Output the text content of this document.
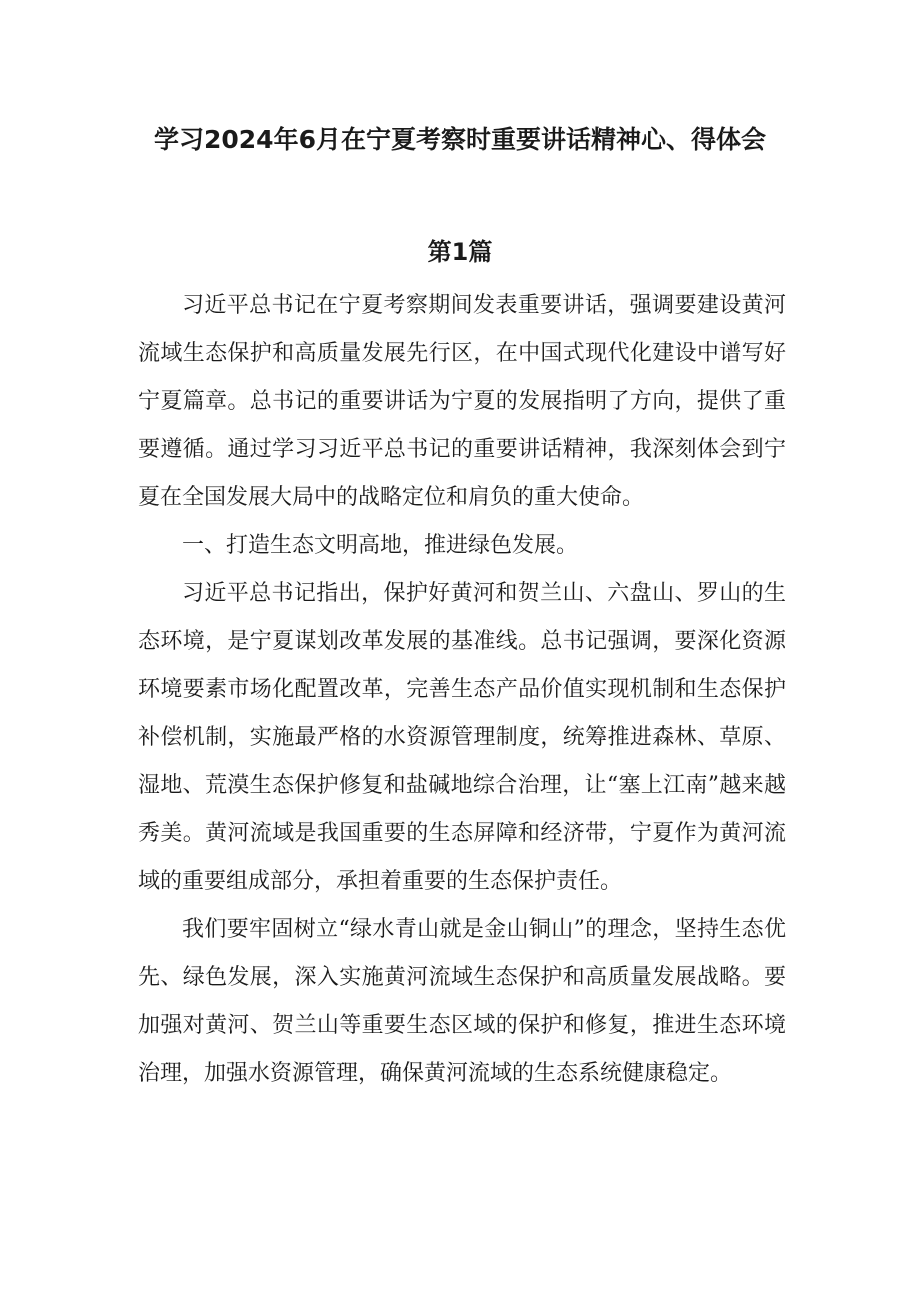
学习2024年6月在宁夏考察时重要讲话精神心、得体会
第1篇

习近平总书记在宁夏考察期间发表重要讲话，强调要建设黄河流域生态保护和高质量发展先行区，在中国式现代化建设中谱写好宁夏篇章。总书记的重要讲话为宁夏的发展指明了方向，提供了重要遵循。通过学习习近平总书记的重要讲话精神，我深刻体会到宁夏在全国发展大局中的战略定位和肩负的重大使命。

一、打造生态文明高地，推进绿色发展。

习近平总书记指出，保护好黄河和贺兰山、六盘山、罗山的生态环境，是宁夏谋划改革发展的基准线。总书记强调，要深化资源环境要素市场化配置改革，完善生态产品价值实现机制和生态保护补偿机制，实施最严格的水资源管理制度，统筹推进森林、草原、湿地、荒漠生态保护修复和盐碱地综合治理，让“塞上江南”越来越秀美。黄河流域是我国重要的生态屏障和经济带，宁夏作为黄河流域的重要组成部分，承担着重要的生态保护责任。

我们要牢固树立“绿水青山就是金山铜山”的理念，坚持生态优先、绿色发展，深入实施黄河流域生态保护和高质量发展战略。要加强对黄河、贺兰山等重要生态区域的保护和修复，推进生态环境治理，加强水资源管理，确保黄河流域的生态系统健康稳定。
